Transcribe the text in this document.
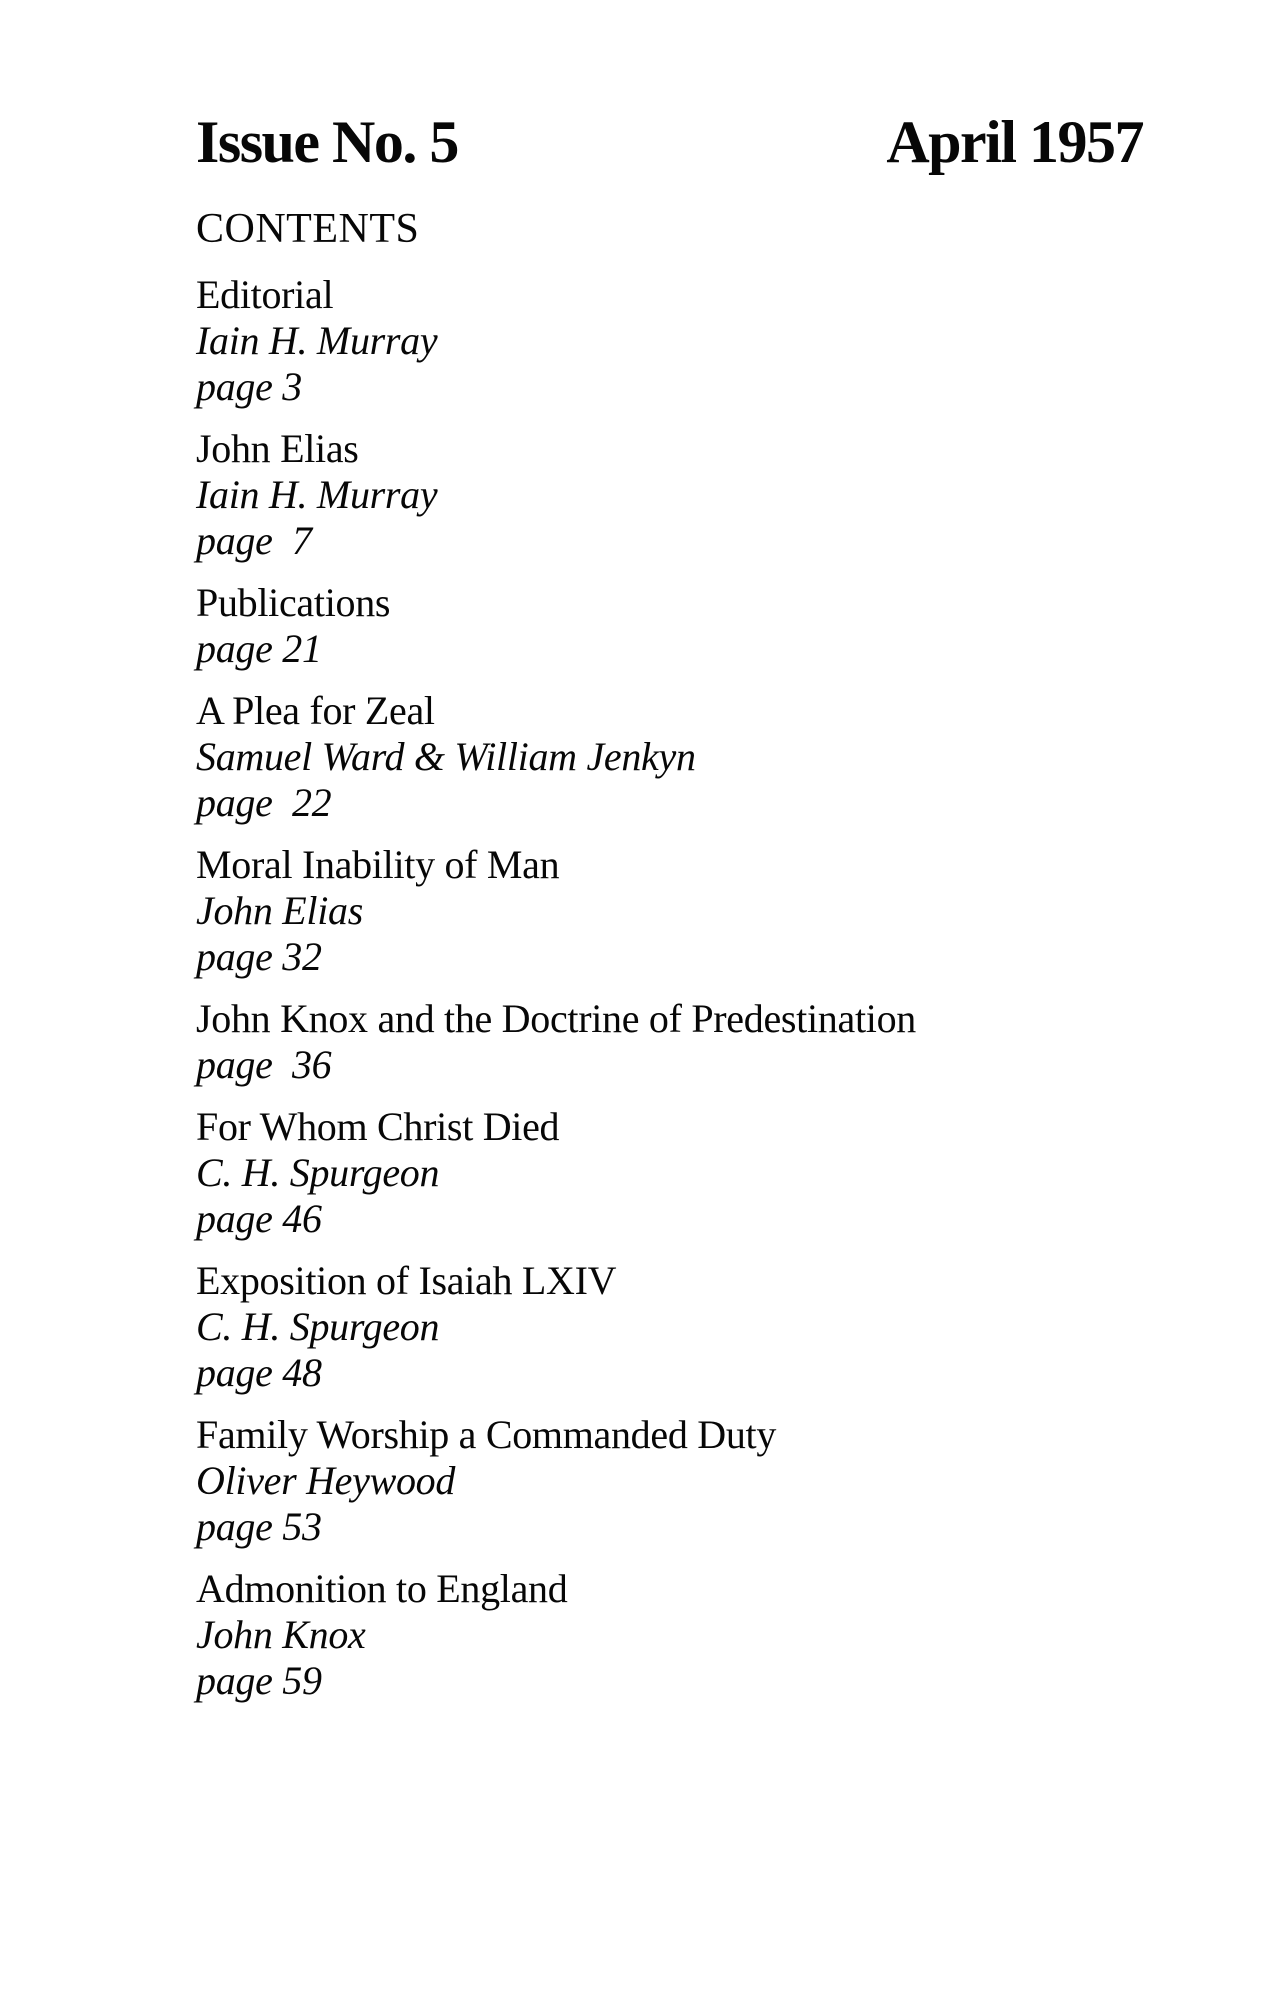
Issue No. 5	April 1957
CONTENTS
Editorial
Iain H. Murray
page 3
John Elias
Iain H. Murray
page  7
Publications
page 21
A Plea for Zeal
Samuel Ward & William Jenkyn
page  22
Moral Inability of Man
John Elias
page 32
John Knox and the Doctrine of Predestination
page  36
For Whom Christ Died
C. H. Spurgeon
page 46
Exposition of Isaiah LXIV
C. H. Spurgeon
page 48
Family Worship a Commanded Duty
Oliver Heywood
page 53
Admonition to England
John Knox
page 59
